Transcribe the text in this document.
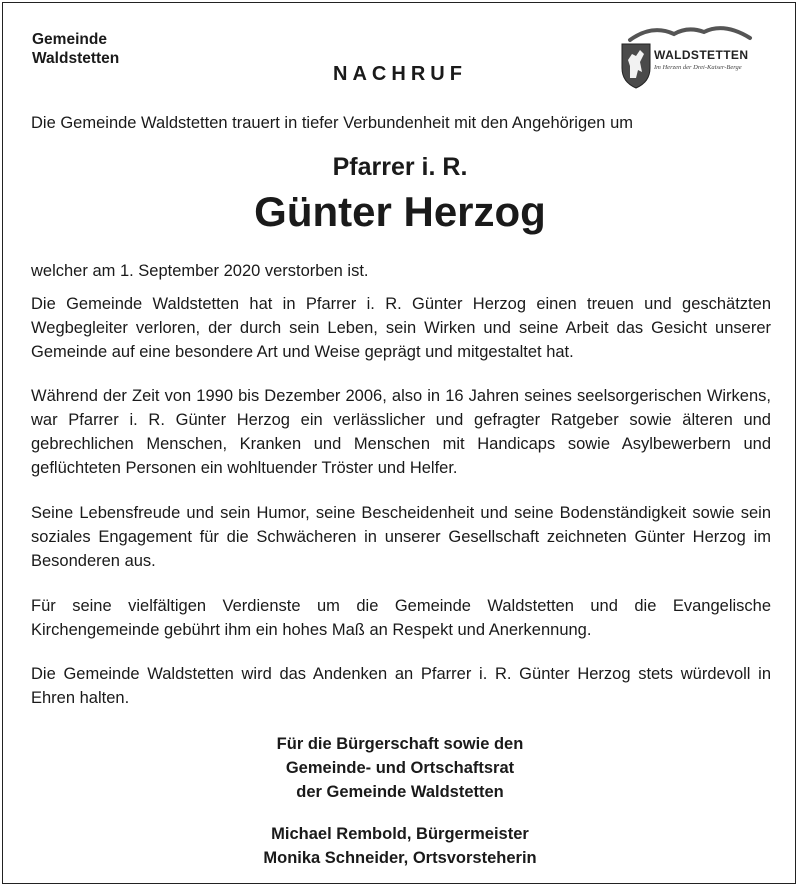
Gemeinde
Waldstetten
NACHRUF
WALDSTETTEN
Im Herzen der Drei-Kaiser-Berge

Die Gemeinde Waldstetten trauert in tiefer Verbundenheit mit den Angehörigen um

Pfarrer i. R.
Günter Herzog

welcher am 1. September 2020 verstorben ist.

Die Gemeinde Waldstetten hat in Pfarrer i. R. Günter Herzog einen treuen und geschätzten Wegbegleiter verloren, der durch sein Leben, sein Wirken und seine Arbeit das Gesicht unserer Gemeinde auf eine besondere Art und Weise geprägt und mitgestaltet hat.

Während der Zeit von 1990 bis Dezember 2006, also in 16 Jahren seines seelsorgerischen Wirkens, war Pfarrer i. R. Günter Herzog ein verlässlicher und gefragter Ratgeber sowie älteren und gebrechlichen Menschen, Kranken und Menschen mit Handicaps sowie Asylbewerbern und geflüchteten Personen ein wohltuender Tröster und Helfer.

Seine Lebensfreude und sein Humor, seine Bescheidenheit und seine Bodenständigkeit sowie sein soziales Engagement für die Schwächeren in unserer Gesellschaft zeichneten Günter Herzog im Besonderen aus.

Für seine vielfältigen Verdienste um die Gemeinde Waldstetten und die Evangelische Kirchengemeinde gebührt ihm ein hohes Maß an Respekt und Anerkennung.

Die Gemeinde Waldstetten wird das Andenken an Pfarrer i. R. Günter Herzog stets würdevoll in Ehren halten.

Für die Bürgerschaft sowie den
Gemeinde- und Ortschaftsrat
der Gemeinde Waldstetten
Michael Rembold, Bürgermeister
Monika Schneider, Ortsvorsteherin
